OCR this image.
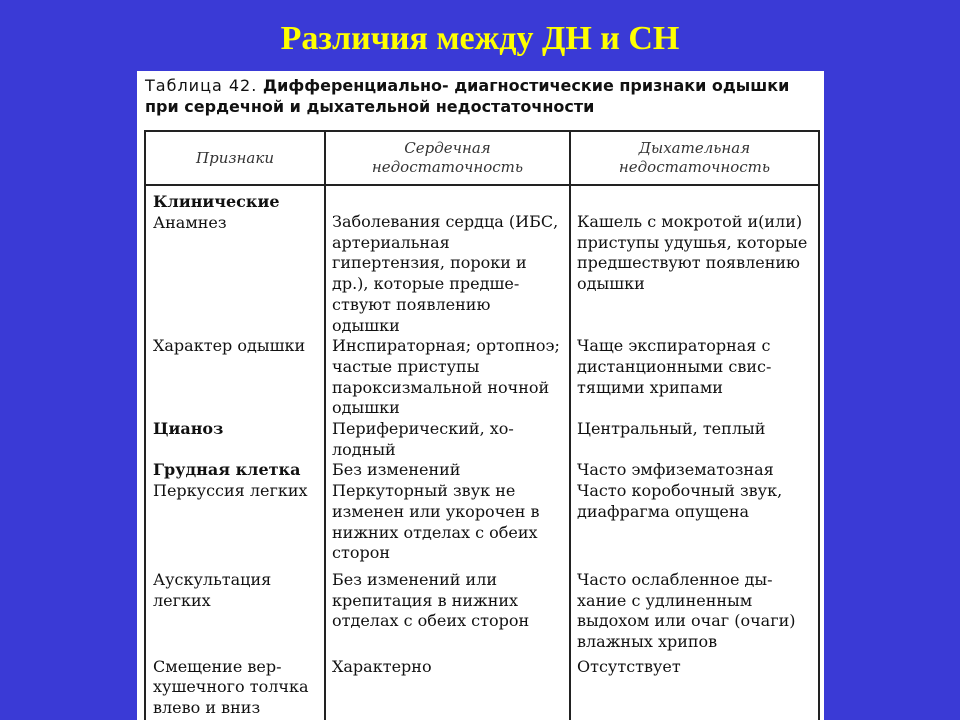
Различия между ДН и СН
Таблица 42. Дифференциально- диагностические признаки одышки при сердечной и дыхательной недостаточности
Признаки	Сердечная недостаточность	Дыхательная недостаточность

Клинические
Анамнез	Заболевания сердца (ИБС, артериальная гипертензия, пороки и др.), которые предшествуют появлению одышки	Кашель с мокротой и(или) приступы удушья, которые предшествуют появлению одышки
Характер одышки	Инспираторная; ортопноэ; частые приступы пароксизмальной ночной одышки	Чаще экспираторная с дистанционными свистящими хрипами
Цианоз	Периферический, холодный	Центральный, теплый
Грудная клетка	Без изменений	Часто эмфизематозная
Перкуссия легких	Перкуторный звук не изменен или укорочен в нижних отделах с обеих сторон	Часто коробочный звук, диафрагма опущена
Аускультация легких	Без изменений или крепитация в нижних отделах с обеих сторон	Часто ослабленное дыхание с удлиненным выдохом или очаг (очаги) влажных хрипов
Смещение верхушечного толчка влево и вниз	Характерно	Отсутствует
